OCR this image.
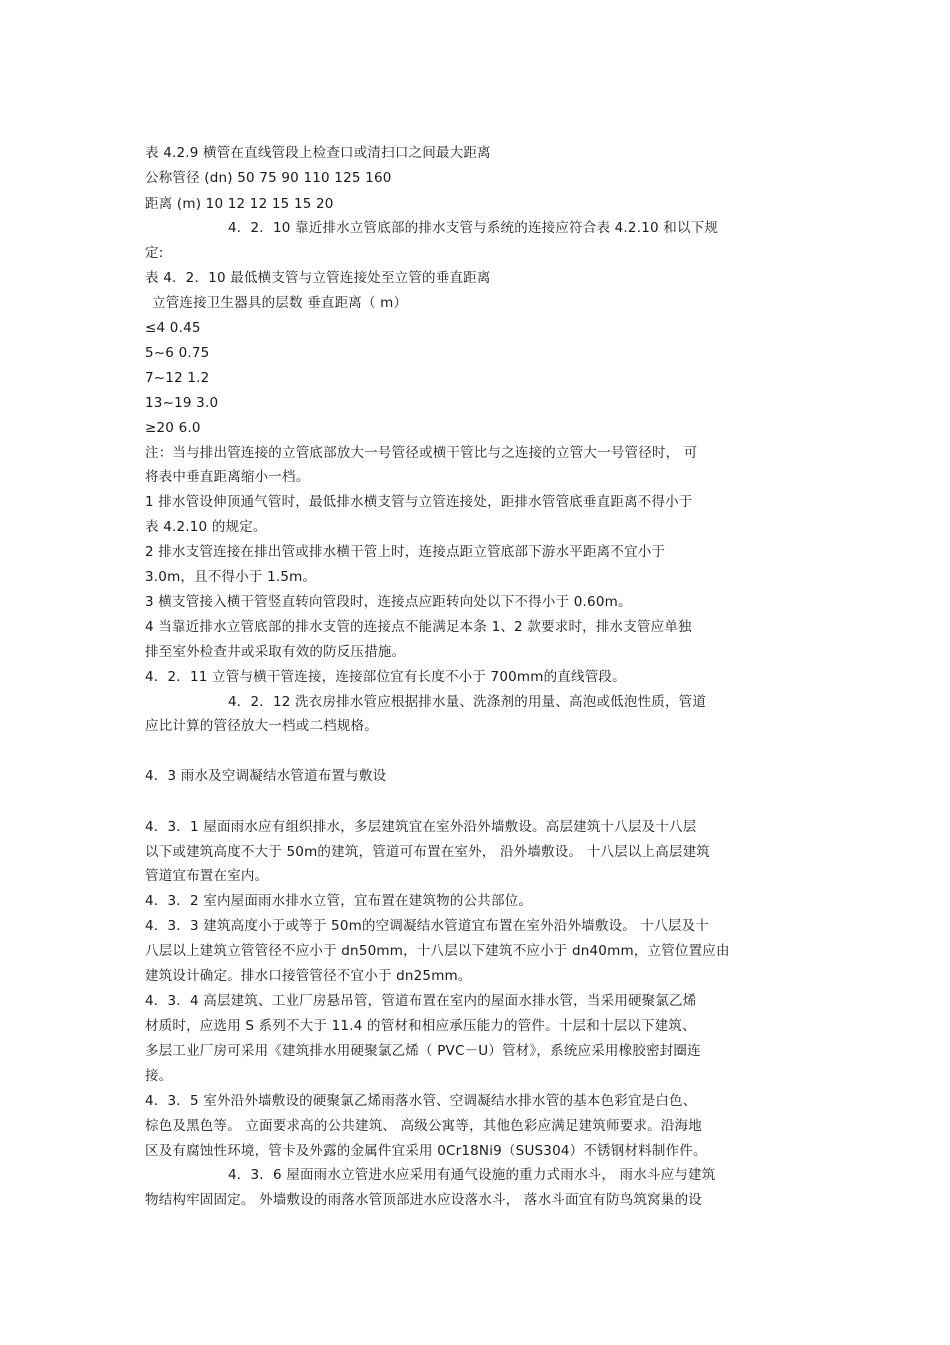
表 4.2.9 横管在直线管段上检查口或清扫口之间最大距离
公称管径 (dn) 50 75 90 110 125 160
距离 (m) 10 12 12 15 15 20
4．2．10 靠近排水立管底部的排水支管与系统的连接应符合表 4.2.10 和以下规
定:
表 4．2．10 最低横支管与立管连接处至立管的垂直距离
立管连接卫生器具的层数 垂直距离（ m）
≤4 0.45
5~6 0.75
7~12 1.2
13~19 3.0
≥20 6.0
注：当与排出管连接的立管底部放大一号管径或横干管比与之连接的立管大一号管径时， 可
将表中垂直距离缩小一档。
1 排水管设伸顶通气管时，最低排水横支管与立管连接处，距排水管管底垂直距离不得小于
表 4.2.10 的规定。
2 排水支管连接在排出管或排水横干管上时，连接点距立管底部下游水平距离不宜小于
3.0m，且不得小于 1.5m。
3 横支管接入横干管竖直转向管段时，连接点应距转向处以下不得小于 0.60m。
4 当靠近排水立管底部的排水支管的连接点不能满足本条 1、2 款要求时，排水支管应单独
排至室外检查井或采取有效的防反压措施。
4．2．11 立管与横干管连接，连接部位宜有长度不小于 700mm的直线管段。
4．2．12 洗衣房排水管应根据排水量、洗涤剂的用量、高泡或低泡性质，管道
应比计算的管径放大一档或二档规格。
4．3 雨水及空调凝结水管道布置与敷设
4．3．1 屋面雨水应有组织排水，多层建筑宜在室外沿外墙敷设。高层建筑十八层及十八层
以下或建筑高度不大于 50m的建筑，管道可布置在室外， 沿外墙敷设。 十八层以上高层建筑
管道宜布置在室内。
4．3．2 室内屋面雨水排水立管，宜布置在建筑物的公共部位。
4．3．3 建筑高度小于或等于 50m的空调凝结水管道宜布置在室外沿外墙敷设。 十八层及十
八层以上建筑立管管径不应小于 dn50mm，十八层以下建筑不应小于 dn40mm，立管位置应由
建筑设计确定。排水口接管管径不宜小于 dn25mm。
4．3．4 高层建筑、工业厂房悬吊管，管道布置在室内的屋面水排水管，当采用硬聚氯乙烯
材质时，应选用 S 系列不大于 11.4 的管材和相应承压能力的管件。十层和十层以下建筑、
多层工业厂房可采用《建筑排水用硬聚氯乙烯（ PVC－U）管材》，系统应采用橡胶密封圈连
接。
4．3．5 室外沿外墙敷设的硬聚氯乙烯雨落水管、空调凝结水排水管的基本色彩宜是白色、
棕色及黑色等。 立面要求高的公共建筑、 高级公寓等，其他色彩应满足建筑师要求。沿海地
区及有腐蚀性环境，管卡及外露的金属件宜采用 0Cr18Ni9（SUS304）不锈钢材料制作件。
4．3．6 屋面雨水立管进水应采用有通气设施的重力式雨水斗， 雨水斗应与建筑
物结构牢固固定。 外墙敷设的雨落水管顶部进水应设落水斗， 落水斗面宜有防鸟筑窝巢的设
